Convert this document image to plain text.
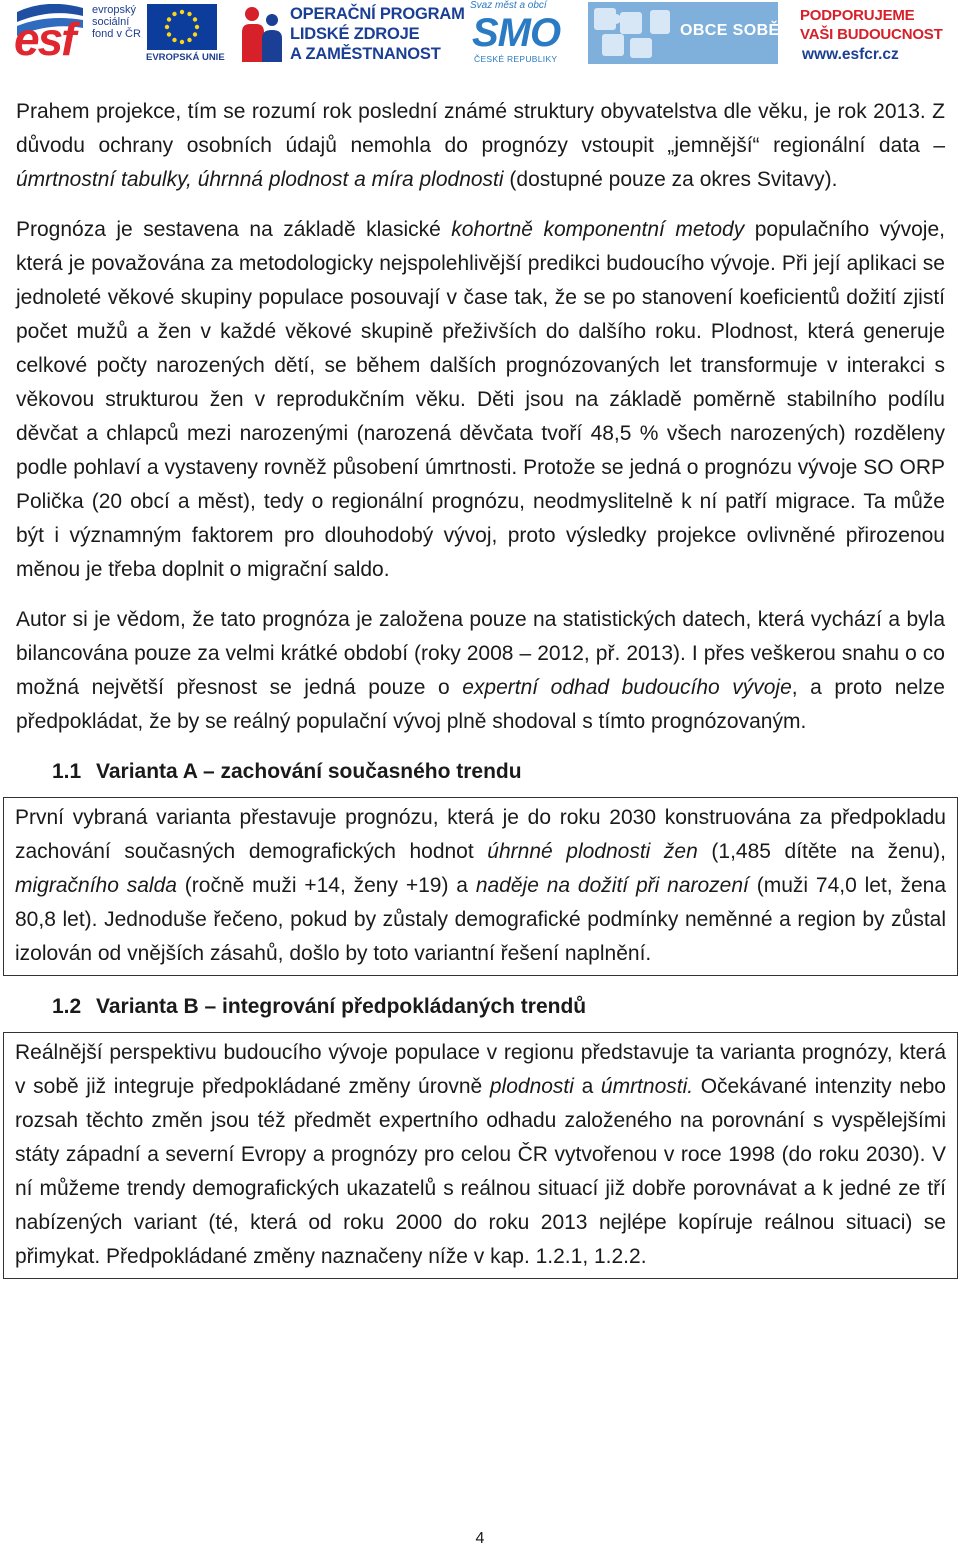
esf
evropský
sociální
fond v ČR
EVROPSKÁ UNIE
OPERAČNÍ PROGRAM
LIDSKÉ ZDROJE
A ZAMĚSTNANOST
Svaz měst a obcí
SMO
ČESKÉ REPUBLIKY
OBCE SOBĚ
PODPORUJEME
VAŠI BUDOUCNOST
www.esfcr.cz

Prahem projekce, tím se rozumí rok poslední známé struktury obyvatelstva dle věku, je rok 2013. Z důvodu ochrany osobních údajů nemohla do prognózy vstoupit „jemnější“ regionální data – úmrtnostní tabulky, úhrnná plodnost a míra plodnosti (dostupné pouze za okres Svitavy).

Prognóza je sestavena na základě klasické kohortně komponentní metody populačního vývoje, která je považována za metodologicky nejspolehlivější predikci budoucího vývoje. Při její aplikaci se jednoleté věkové skupiny populace posouvají v čase tak, že se po stanovení koeficientů dožití zjistí počet mužů a žen v každé věkové skupině přeživších do dalšího roku. Plodnost, která generuje celkové počty narozených dětí, se během dalších prognózovaných let transformuje v interakci s věkovou strukturou žen v reprodukčním věku. Děti jsou na základě poměrně stabilního podílu děvčat a chlapců mezi narozenými (narozená děvčata tvoří 48,5 % všech narozených) rozděleny podle pohlaví a vystaveny rovněž působení úmrtnosti. Protože se jedná o prognózu vývoje SO ORP Polička (20 obcí a měst), tedy o regionální prognózu, neodmyslitelně k ní patří migrace. Ta může být i významným faktorem pro dlouhodobý vývoj, proto výsledky projekce ovlivněné přirozenou měnou je třeba doplnit o migrační saldo.

Autor si je vědom, že tato prognóza je založena pouze na statistických datech, která vychází a byla bilancována pouze za velmi krátké období (roky 2008 – 2012, př. 2013). I přes veškerou snahu o co možná největší přesnost se jedná pouze o expertní odhad budoucího vývoje, a proto nelze předpokládat, že by se reálný populační vývoj plně shodoval s tímto prognózovaným.

1.1 Varianta A – zachování současného trendu

První vybraná varianta přestavuje prognózu, která je do roku 2030 konstruována za předpokladu zachování současných demografických hodnot úhrnné plodnosti žen (1,485 dítěte na ženu), migračního salda (ročně muži +14, ženy +19) a naděje na dožití při narození (muži 74,0 let, žena 80,8 let). Jednoduše řečeno, pokud by zůstaly demografické podmínky neměnné a region by zůstal izolován od vnějších zásahů, došlo by toto variantní řešení naplnění.

1.2 Varianta B – integrování předpokládaných trendů

Reálnější perspektivu budoucího vývoje populace v regionu představuje ta varianta prognózy, která v sobě již integruje předpokládané změny úrovně plodnosti a úmrtnosti. Očekávané intenzity nebo rozsah těchto změn jsou též předmět expertního odhadu založeného na porovnání s vyspělejšími státy západní a severní Evropy a prognózy pro celou ČR vytvořenou v roce 1998 (do roku 2030). V ní můžeme trendy demografických ukazatelů s reálnou situací již dobře porovnávat a k jedné ze tří nabízených variant (té, která od roku 2000 do roku 2013 nejlépe kopíruje reálnou situaci) se přimykat. Předpokládané změny naznačeny níže v kap. 1.2.1, 1.2.2.

4
